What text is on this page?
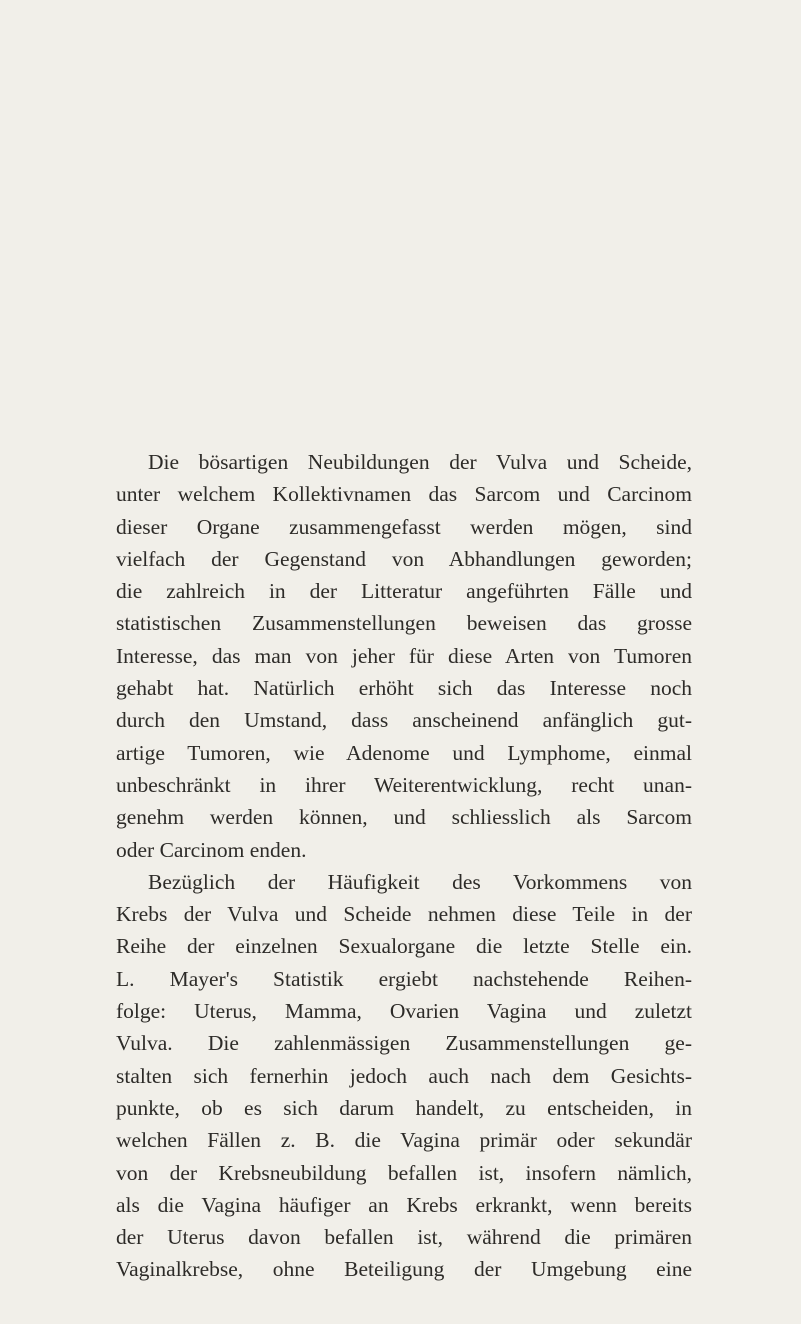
Die bösartigen Neubildungen der Vulva und Scheide,
unter welchem Kollektivnamen das Sarcom und Carcinom
dieser Organe zusammengefasst werden mögen, sind
vielfach der Gegenstand von Abhandlungen geworden;
die zahlreich in der Litteratur angeführten Fälle und
statistischen Zusammenstellungen beweisen das grosse
Interesse, das man von jeher für diese Arten von Tumoren
gehabt hat. Natürlich erhöht sich das Interesse noch
durch den Umstand, dass anscheinend anfänglich gut-
artige Tumoren, wie Adenome und Lymphome, einmal
unbeschränkt in ihrer Weiterentwicklung, recht unan-
genehm werden können, und schliesslich als Sarcom
oder Carcinom enden.
Bezüglich der Häufigkeit des Vorkommens von
Krebs der Vulva und Scheide nehmen diese Teile in der
Reihe der einzelnen Sexualorgane die letzte Stelle ein.
L. Mayer's Statistik ergiebt nachstehende Reihen-
folge: Uterus, Mamma, Ovarien Vagina und zuletzt
Vulva. Die zahlenmässigen Zusammenstellungen ge-
stalten sich fernerhin jedoch auch nach dem Gesichts-
punkte, ob es sich darum handelt, zu entscheiden, in
welchen Fällen z. B. die Vagina primär oder sekundär
von der Krebsneubildung befallen ist, insofern nämlich,
als die Vagina häufiger an Krebs erkrankt, wenn bereits
der Uterus davon befallen ist, während die primären
Vaginalkrebse, ohne Beteiligung der Umgebung eine
